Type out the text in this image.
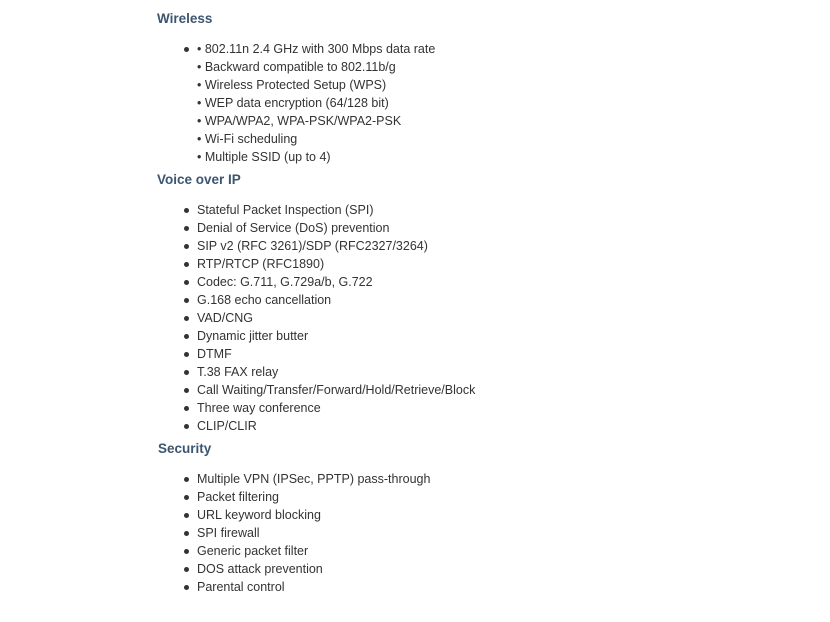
Wireless
• 802.11n 2.4 GHz with 300 Mbps data rate
• Backward compatible to 802.11b/g
• Wireless Protected Setup (WPS)
• WEP data encryption (64/128 bit)
• WPA/WPA2, WPA-PSK/WPA2-PSK
• Wi-Fi scheduling
• Multiple SSID (up to 4)
Voice over IP
Stateful Packet Inspection (SPI)
Denial of Service (DoS) prevention
SIP v2 (RFC 3261)/SDP (RFC2327/3264)
RTP/RTCP (RFC1890)
Codec: G.711, G.729a/b, G.722
G.168 echo cancellation
VAD/CNG
Dynamic jitter butter
DTMF
T.38 FAX relay
Call Waiting/Transfer/Forward/Hold/Retrieve/Block
Three way conference
CLIP/CLIR
Security
Multiple VPN (IPSec, PPTP) pass-through
Packet filtering
URL keyword blocking
SPI firewall
Generic packet filter
DOS attack prevention
Parental control
